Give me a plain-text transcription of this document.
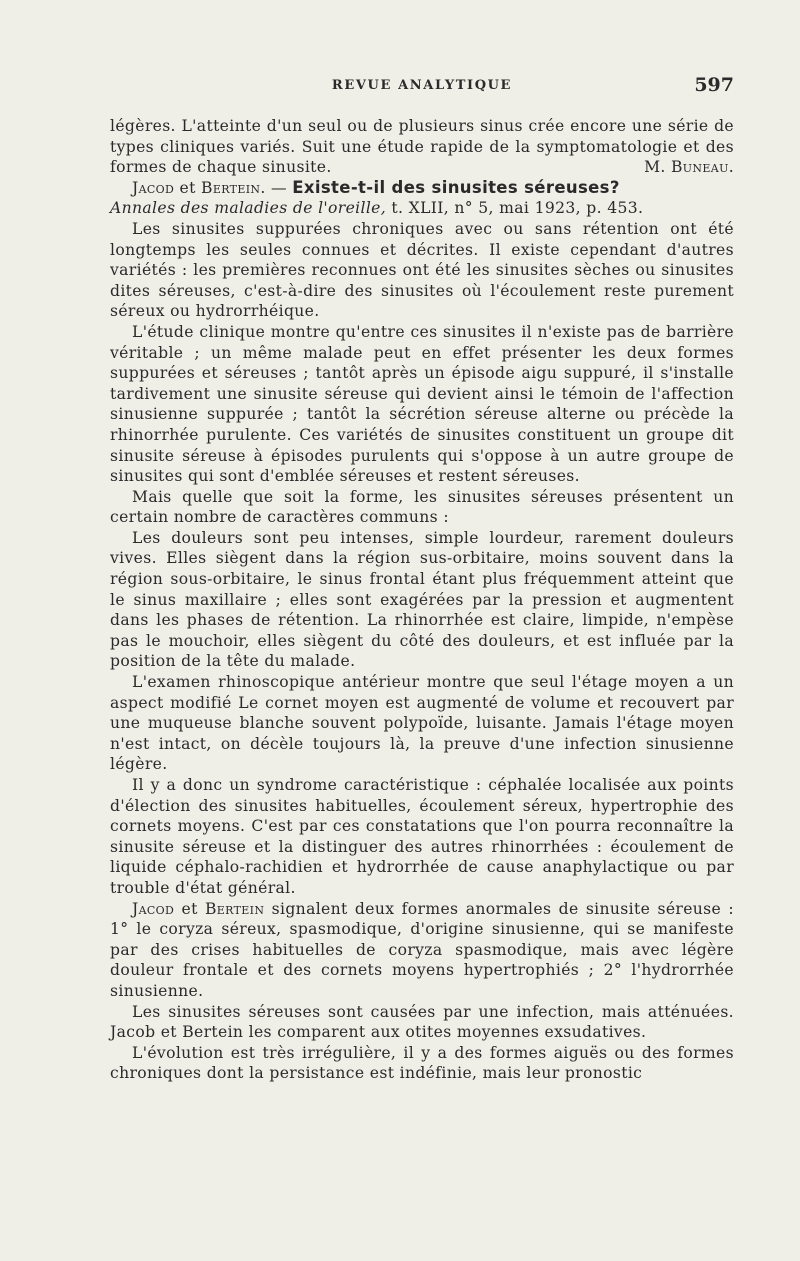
REVUE ANALYTIQUE	597

légères. L'atteinte d'un seul ou de plusieurs sinus crée encore une série de types cliniques variés. Suit une étude rapide de la symptomatologie et des formes de chaque sinusite.	M. Buneau.

Jacod et Bertein. — Existe-t-il des sinusites séreuses?
Annales des maladies de l'oreille, t. XLII, n° 5, mai 1923, p. 453.

Les sinusites suppurées chroniques avec ou sans rétention ont été longtemps les seules connues et décrites. Il existe cependant d'autres variétés : les premières reconnues ont été les sinusites sèches ou sinusites dites séreuses, c'est-à-dire des sinusites où l'écoulement reste purement séreux ou hydrorrhéique.

L'étude clinique montre qu'entre ces sinusites il n'existe pas de barrière véritable ; un même malade peut en effet présenter les deux formes suppurées et séreuses ; tantôt après un épisode aigu suppuré, il s'installe tardivement une sinusite séreuse qui devient ainsi le témoin de l'affection sinusienne suppurée ; tantôt la sécrétion séreuse alterne ou précède la rhinorrhée purulente. Ces variétés de sinusites constituent un groupe dit sinusite séreuse à épisodes purulents qui s'oppose à un autre groupe de sinusites qui sont d'emblée séreuses et restent séreuses.

Mais quelle que soit la forme, les sinusites séreuses présentent un certain nombre de caractères communs :

Les douleurs sont peu intenses, simple lourdeur, rarement douleurs vives. Elles siègent dans la région sus-orbitaire, moins souvent dans la région sous-orbitaire, le sinus frontal étant plus fréquemment atteint que le sinus maxillaire ; elles sont exagérées par la pression et augmentent dans les phases de rétention. La rhinorrhée est claire, limpide, n'empèse pas le mouchoir, elles siègent du côté des douleurs, et est influée par la position de la tête du malade.

L'examen rhinoscopique antérieur montre que seul l'étage moyen a un aspect modifié Le cornet moyen est augmenté de volume et recouvert par une muqueuse blanche souvent polypoïde, luisante. Jamais l'étage moyen n'est intact, on décèle toujours là, la preuve d'une infection sinusienne légère.

Il y a donc un syndrome caractéristique : céphalée localisée aux points d'élection des sinusites habituelles, écoulement séreux, hypertrophie des cornets moyens. C'est par ces constatations que l'on pourra reconnaître la sinusite séreuse et la distinguer des autres rhinorrhées : écoulement de liquide céphalo-rachidien et hydrorrhée de cause anaphylactique ou par trouble d'état général.

Jacod et Bertein signalent deux formes anormales de sinusite séreuse : 1° le coryza séreux, spasmodique, d'origine sinusienne, qui se manifeste par des crises habituelles de coryza spasmodique, mais avec légère douleur frontale et des cornets moyens hypertrophiés ; 2° l'hydrorrhée sinusienne.

Les sinusites séreuses sont causées par une infection, mais atténuées. Jacob et Bertein les comparent aux otites moyennes exsudatives.

L'évolution est très irrégulière, il y a des formes aiguës ou des formes chroniques dont la persistance est indéfinie, mais leur pronostic
